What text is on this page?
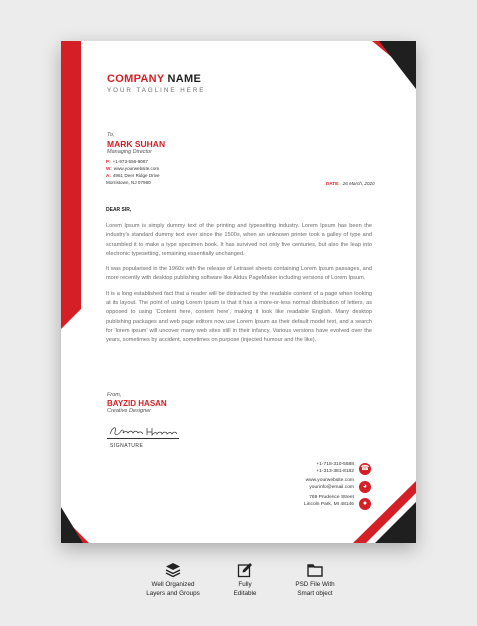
COMPANY NAME
YOUR TAGLINE HERE
To,
MARK SUHAN
Managing Director
P: +1-973-556-9087
W: www.yourwebsite.com
A: 4961 Deer Ridge Drive
Morristown, NJ 07960	DATE: 26 March, 2020
DEAR SIR,

Lorem Ipsum is simply dummy text of the printing and typesetting industry. Lorem Ipsum has been the industry's standard dummy text ever since the 1500s, when an unknown printer took a galley of type and scrambled it to make a type specimen book. It has survived not only five centuries, but also the leap into electronic typesetting, remaining essentially unchanged.

It was popularised in the 1960s with the release of Letraset sheets containing Lorem Ipsum passages, and more recently with desktop publishing software like Aldus PageMaker including versions of Lorem Ipsum.

It is a long established fact that a reader will be distracted by the readable content of a page when looking at its layout. The point of using Lorem Ipsum is that it has a more-or-less normal distribution of letters, as opposed to using 'Content here, content here', making it look like readable English. Many desktop publishing packages and web page editors now use Lorem Ipsum as their default model text, and a search for 'lorem ipsum' will uncover many web sites still in their infancy. Various versions have evolved over the years, sometimes by accident, sometimes on purpose (injected humour and the like).

From,
BAYZID HASAN
Creative Designer
SIGNATURE
+1-718-310-5588
+1-313-381-8182
www.yourwebsite.com
yourinfo@email.com
769 Prudence Street
Lincoln Park, MI 48146
☎
◕
●
Well Organized
Layers and Groups
Fully
Editable
PSD File With
Smart object
